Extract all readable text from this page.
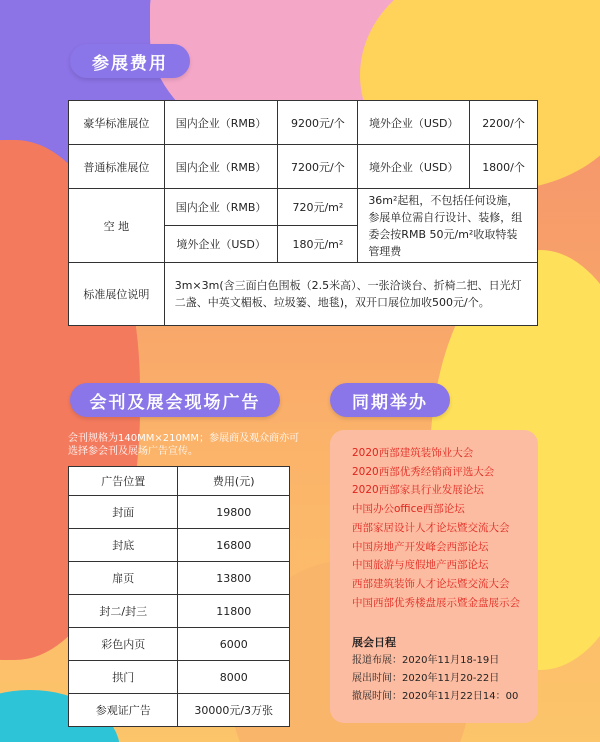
参展费用
豪华标准展位	国内企业（RMB）	9200元/个	境外企业（USD）	2200/个
普通标准展位	国内企业（RMB）	7200元/个	境外企业（USD）	1800/个
空 地	国内企业（RMB）	720元/m²	36m²起租，不包括任何设施，参展单位需自行设计、装修，组委会按RMB 50元/m²收取特装管理费	
	境外企业（USD）	180元/m²		
标准展位说明	3m×3m(含三面白色围板（2.5米高）、一张洽谈台、折椅二把、日光灯二盏、中英文楣板、垃圾篓、地毯)，双开口展位加收500元/个。			
会刊及展会现场广告
会刊规格为140MM×210MM；参展商及观众商亦可选择参会刊及展场广告宣传。
广告位置	费用(元)
封面	19800
封底	16800
扉页	13800
封二/封三	11800
彩色内页	6000
拱门	8000
参观证广告	30000元/3万张
同期举办
2020西部建筑装饰业大会
2020西部优秀经销商评选大会
2020西部家具行业发展论坛
中国办公office西部论坛
西部家居设计人才论坛暨交流大会
中国房地产开发峰会西部论坛
中国旅游与度假地产西部论坛
西部建筑装饰人才论坛暨交流大会
中国西部优秀楼盘展示暨金盘展示会
展会日程
报道布展：2020年11月18-19日
展出时间：2020年11月20-22日
撤展时间：2020年11月22日14：00
